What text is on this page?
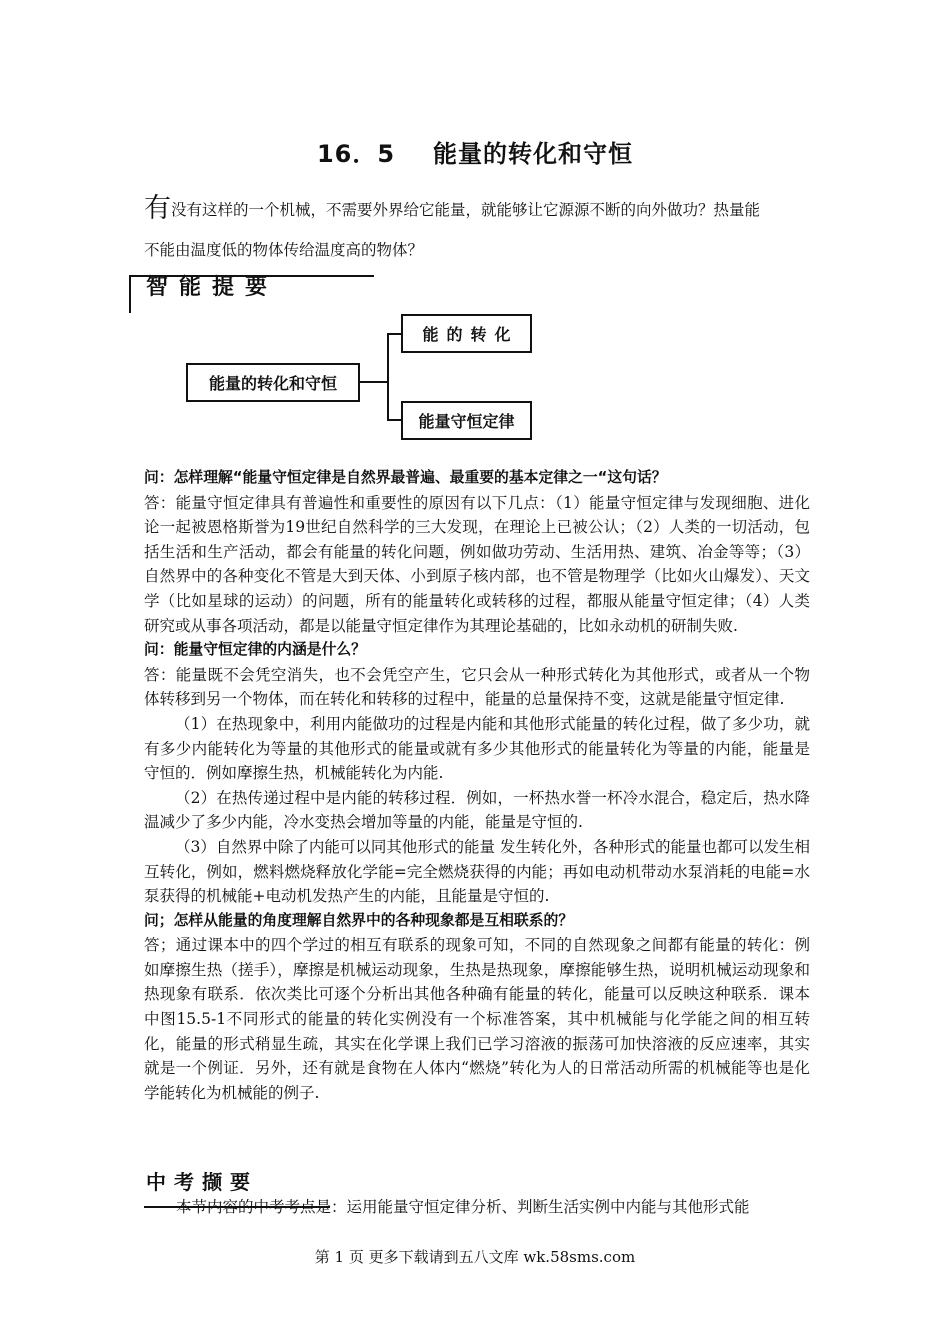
16．5 能量的转化和守恒
有没有这样的一个机械，不需要外界给它能量，就能够让它源源不断的向外做功？热量能
不能由温度低的物体传给温度高的物体？
智能提要
能量的转化和守恒
能的转化
能量守恒定律

问：怎样理解“能量守恒定律是自然界最普遍、最重要的基本定律之一“这句话？

答：能量守恒定律具有普遍性和重要性的原因有以下几点：（1）能量守恒定律与发现细胞、进化论一起被恩格斯誉为19世纪自然科学的三大发现，在理论上已被公认；（2）人类的一切活动，包括生活和生产活动，都会有能量的转化问题，例如做功劳动、生活用热、建筑、冶金等等；（3）自然界中的各种变化不管是大到天体、小到原子核内部，也不管是物理学（比如火山爆发）、天文学（比如星球的运动）的问题，所有的能量转化或转移的过程，都服从能量守恒定律；（4）人类研究或从事各项活动，都是以能量守恒定律作为其理论基础的，比如永动机的研制失败.

问：能量守恒定律的内涵是什么？

答：能量既不会凭空消失，也不会凭空产生，它只会从一种形式转化为其他形式，或者从一个物体转移到另一个物体，而在转化和转移的过程中，能量的总量保持不变，这就是能量守恒定律.

（1）在热现象中，利用内能做功的过程是内能和其他形式能量的转化过程，做了多少功，就有多少内能转化为等量的其他形式的能量或就有多少其他形式的能量转化为等量的内能，能量是守恒的．例如摩擦生热，机械能转化为内能.

（2）在热传递过程中是内能的转移过程．例如，一杯热水誉一杯冷水混合，稳定后，热水降温减少了多少内能，冷水变热会增加等量的内能，能量是守恒的.

（3）自然界中除了内能可以同其他形式的能量 发生转化外，各种形式的能量也都可以发生相互转化，例如，燃料燃烧释放化学能=完全燃烧获得的内能；再如电动机带动水泵消耗的电能=水泵获得的机械能+电动机发热产生的内能，且能量是守恒的.

问；怎样从能量的角度理解自然界中的各种现象都是互相联系的？

答；通过课本中的四个学过的相互有联系的现象可知，不同的自然现象之间都有能量的转化：例如摩擦生热（搓手），摩擦是机械运动现象，生热是热现象，摩擦能够生热，说明机械运动现象和热现象有联系．依次类比可逐个分析出其他各种确有能量的转化，能量可以反映这种联系．课本中图15.5-1不同形式的能量的转化实例没有一个标准答案，其中机械能与化学能之间的相互转化，能量的形式稍显生疏，其实在化学课上我们已学习溶液的振荡可加快溶液的反应速率，其实就是一个例证．另外，还有就是食物在人体内“燃烧”转化为人的日常活动所需的机械能等也是化学能转化为机械能的例子.

中考撷要
本节内容的中考考点是：运用能量守恒定律分析、判断生活实例中内能与其他形式能
第 1 页 更多下载请到五八文库 wk.58sms.com
